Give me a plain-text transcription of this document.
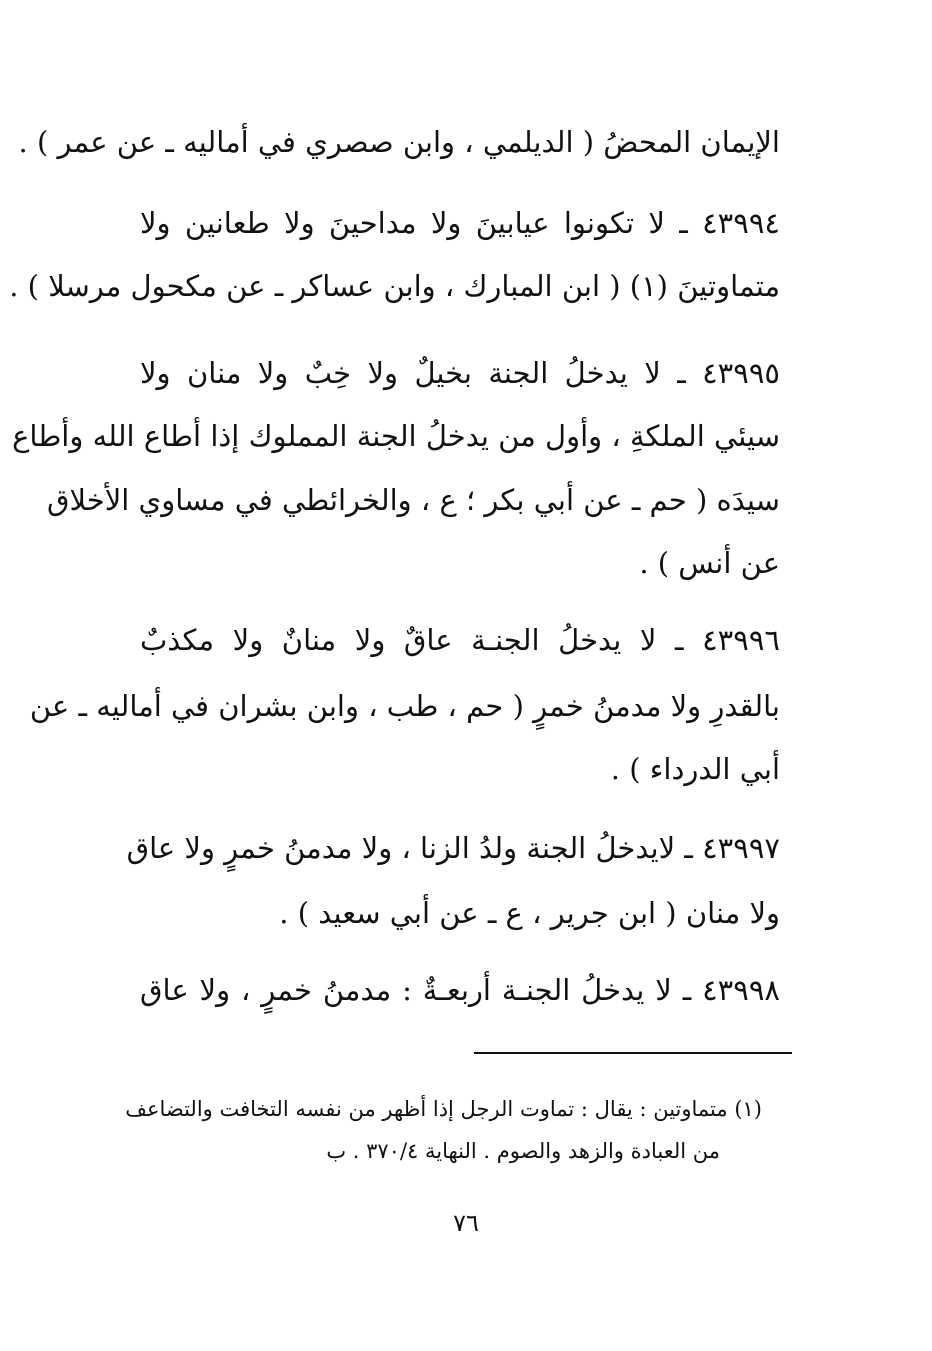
الإيمان المحضُ ( الديلمي ، وابن صصري في أماليه ـ عن عمر ) .
٤٣٩٩٤ ـ لا تكونوا عيابينَ ولا مداحينَ ولا طعانين ولا
متماوتينَ (١) ( ابن المبارك ، وابن عساكر ـ عن مكحول مرسلا ) .
٤٣٩٩٥ ـ لا يدخلُ الجنة بخيلٌ ولا خِبٌ ولا منان ولا
سيئي الملكةِ ، وأول من يدخلُ الجنة المملوك إذا أطاع الله وأطاع
سيدَه ( حم ـ عن أبي بكر ؛ ع ، والخرائطي في مساوي الأخلاق
عن أنس ) .
٤٣٩٩٦ ـ لا يدخلُ الجنـة عاقٌ ولا منانٌ ولا مكذبٌ
بالقدرِ ولا مدمنُ خمرٍ ( حم ، طب ، وابن بشران في أماليه ـ عن
أبي الدرداء ) .
٤٣٩٩٧ ـ لايدخلُ الجنة ولدُ الزنا ، ولا مدمنُ خمرٍ ولا عاق
ولا منان ( ابن جرير ، ع ـ عن أبي سعيد ) .
٤٣٩٩٨ ـ لا يدخلُ الجنـة أربعـةٌ : مدمنُ خمرٍ ، ولا عاق
(١) متماوتين : يقال : تماوت الرجل إذا أظهر من نفسه التخافت والتضاعف
من العبادة والزهد والصوم . النهاية ٣٧٠/٤ . ب
٧٦
